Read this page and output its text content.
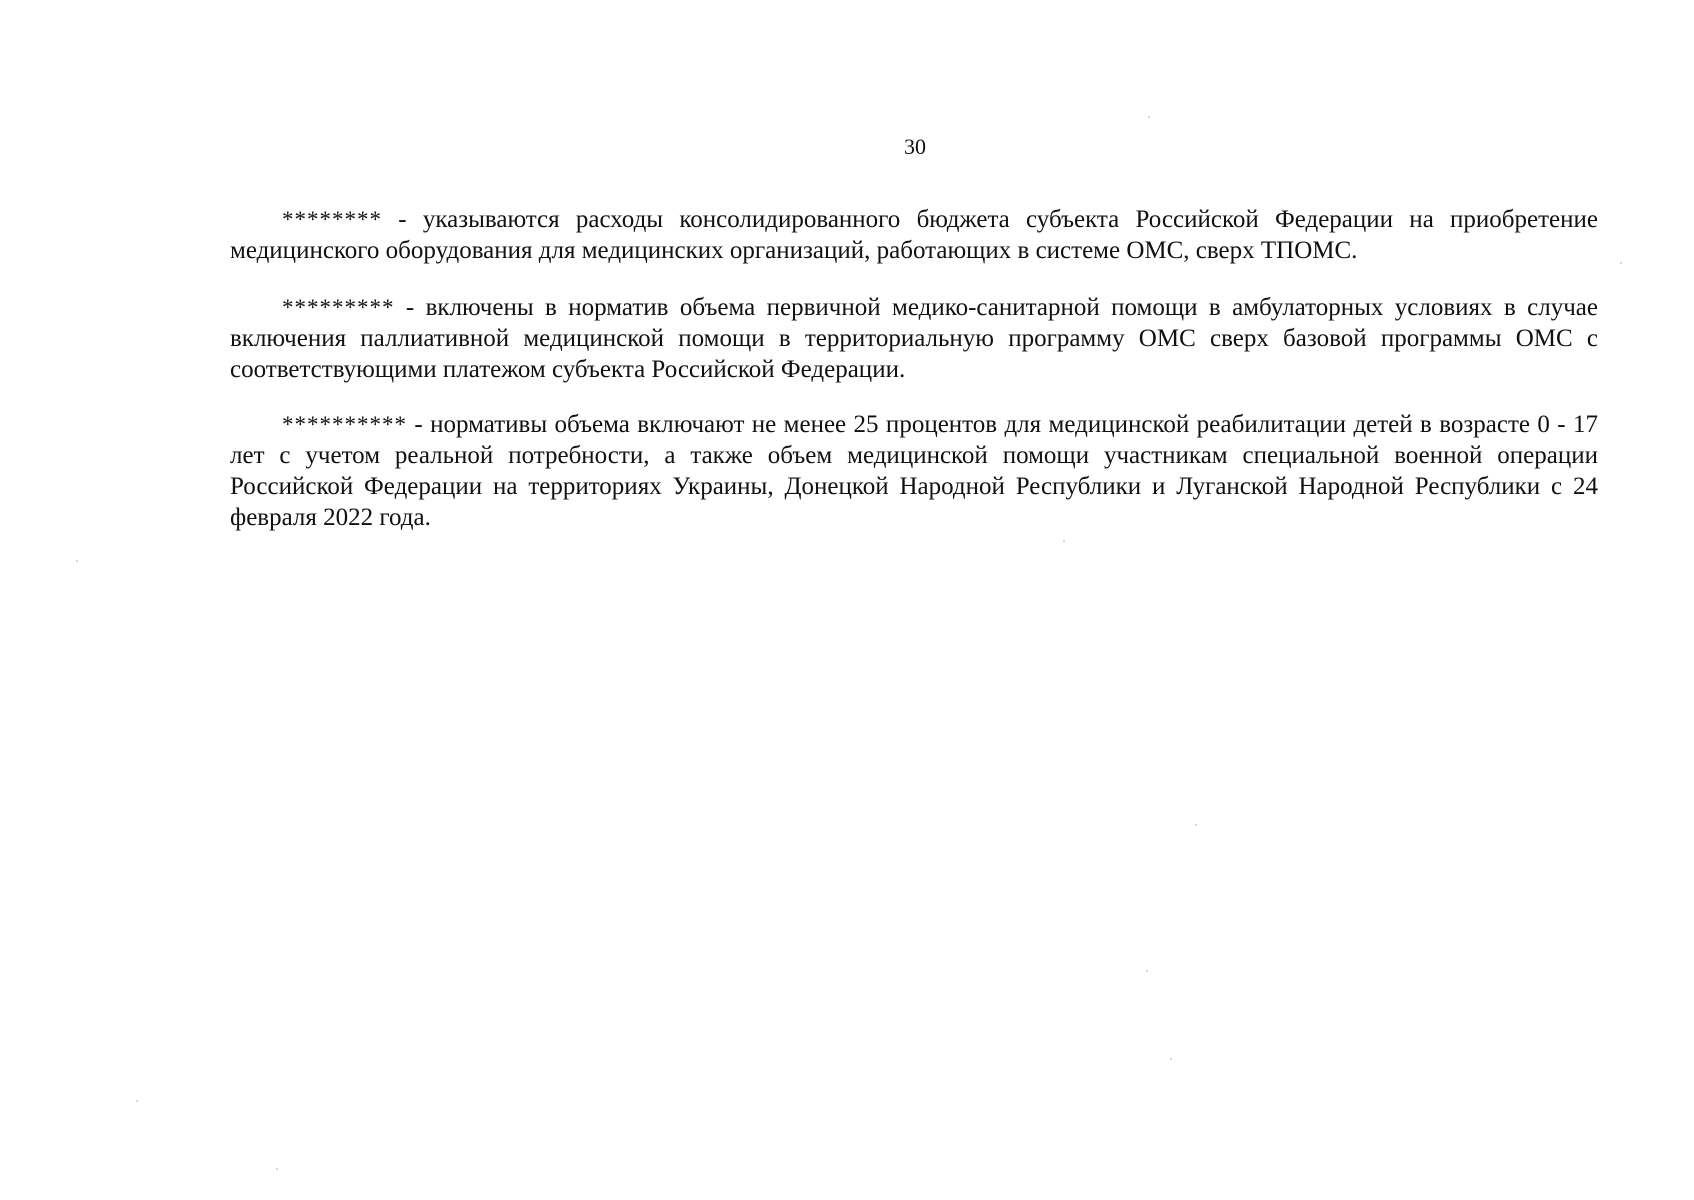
30

******** - указываются расходы консолидированного бюджета субъекта Российской Федерации на приобретение медицинского оборудования для медицинских организаций, работающих в системе ОМС, сверх ТПОМС.

********* - включены в норматив объема первичной медико-санитарной помощи в амбулаторных условиях в случае включения паллиативной медицинской помощи в территориальную программу ОМС сверх базовой программы ОМС с соответствующими платежом субъекта Российской Федерации.

********** - нормативы объема включают не менее 25 процентов для медицинской реабилитации детей в возрасте 0 - 17 лет с учетом реальной потребности, а также объем медицинской помощи участникам специальной военной операции Российской Федерации на территориях Украины, Донецкой Народной Республики и Луганской Народной Республики с 24 февраля 2022 года.
